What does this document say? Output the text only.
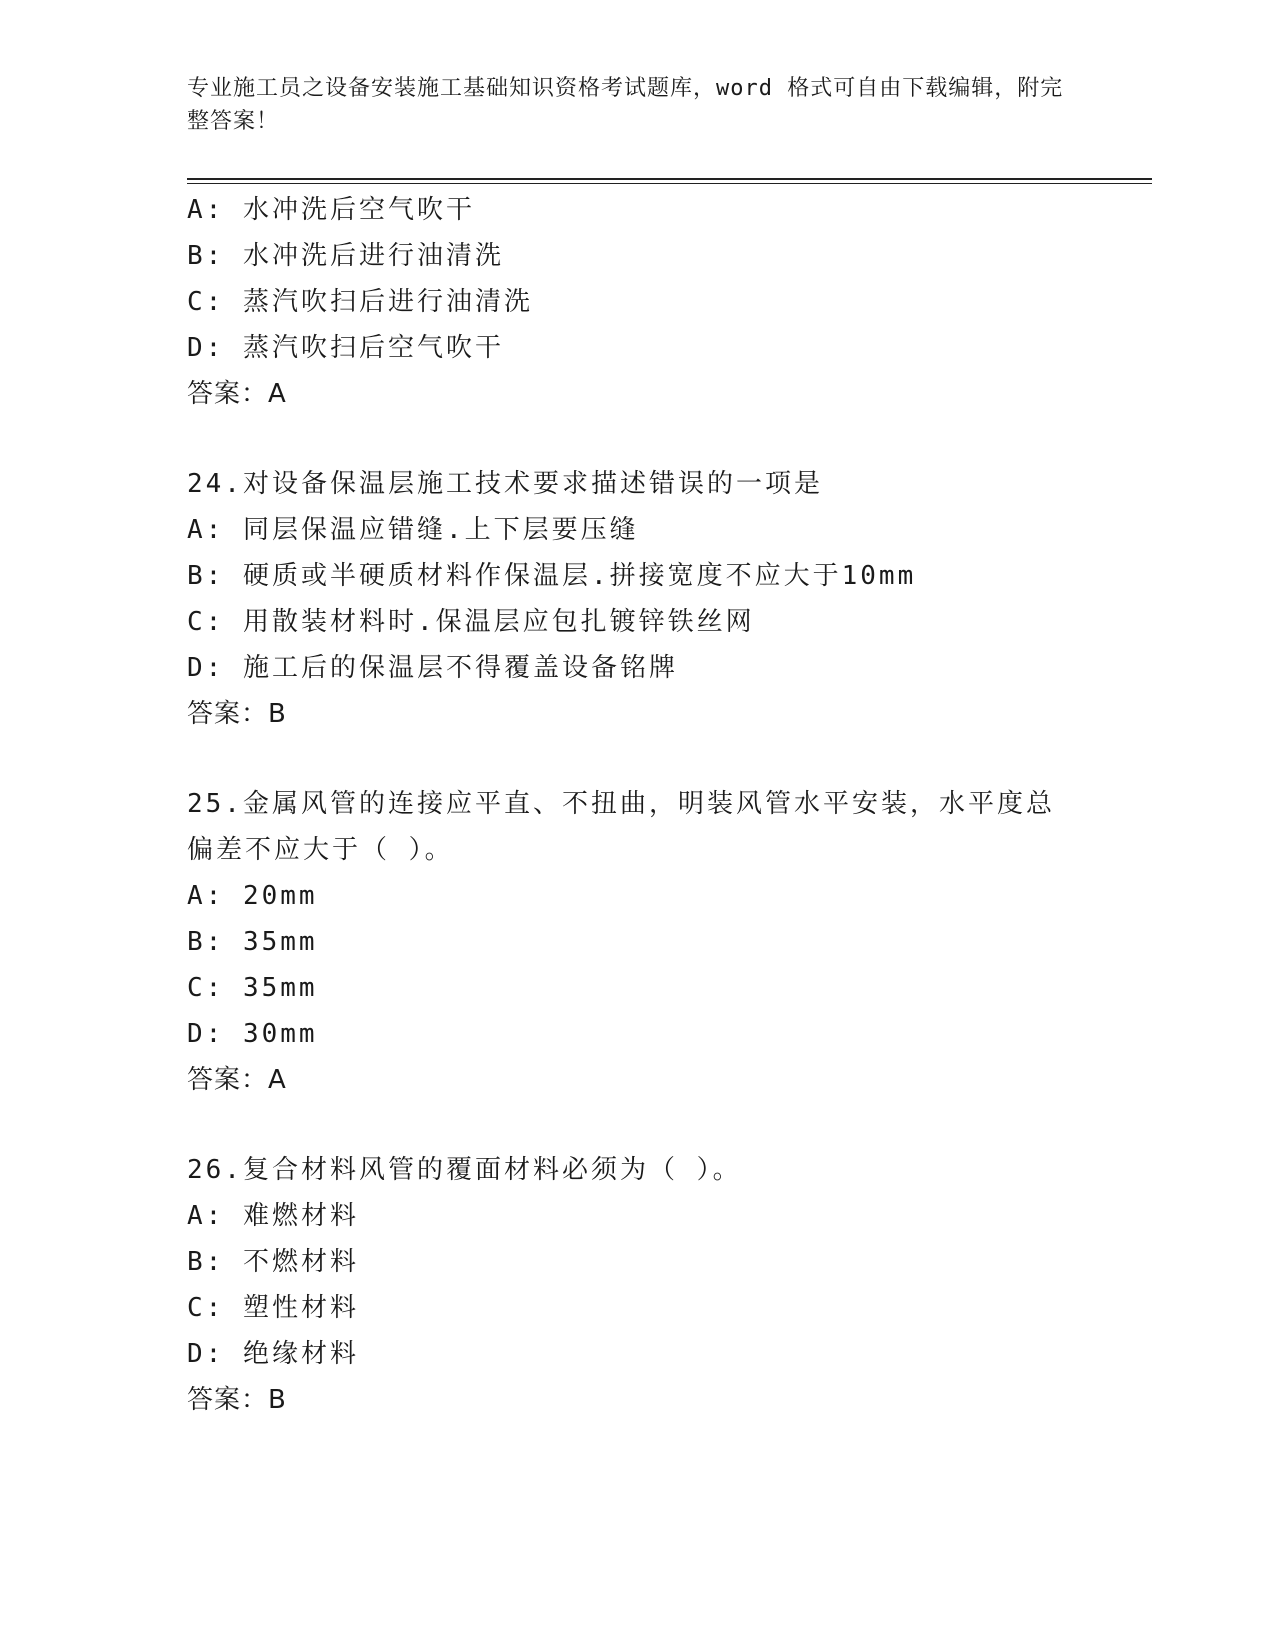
专业施工员之设备安装施工基础知识资格考试题库，word 格式可自由下载编辑，附完整答案！
A: 水冲洗后空气吹干
B: 水冲洗后进行油清洗
C: 蒸汽吹扫后进行油清洗
D: 蒸汽吹扫后空气吹干
答案：A
24.对设备保温层施工技术要求描述错误的一项是
A: 同层保温应错缝.上下层要压缝
B: 硬质或半硬质材料作保温层.拼接宽度不应大于10mm
C: 用散装材料时.保温层应包扎镀锌铁丝网
D: 施工后的保温层不得覆盖设备铭牌
答案：B
25.金属风管的连接应平直、不扭曲，明装风管水平安装，水平度总偏差不应大于（ ）。
A: 20mm
B: 35mm
C: 35mm
D: 30mm
答案：A
26.复合材料风管的覆面材料必须为（ ）。
A: 难燃材料
B: 不燃材料
C: 塑性材料
D: 绝缘材料
答案：B
